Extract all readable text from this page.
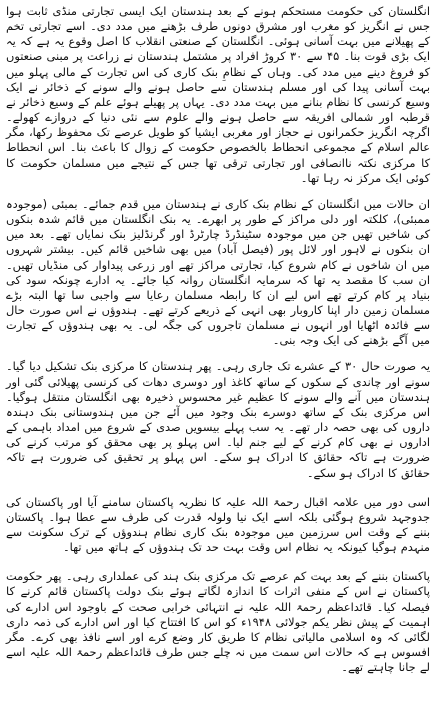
انگلستان کی حکومت مستحکم ہونے کے بعد ہندستان ایک ایسی تجارتی منڈی ثابت ہوا جس نے انگریز کو مغرب اور مشرق دونوں طرف بڑھنے میں مدد دی۔ اسے تجارتی تخم کے پھیلانے میں بہت آسانی ہوئی۔ انگلستان کے صنعتی انقلاب کا اصل وقوع یہ ہے کہ یہ ایک بڑی قوت بنا۔ ۴۵ سے ۳۰ کروڑ افراد پر مشتمل ہندستان نے زراعت پر مبنی صنعتوں کو فروغ دینے میں مدد کی۔ وہاں کے نظامِ بنک کاری کی اس تجارت کے مالی پہلو میں بہت آسانی پیدا کی اور مسلم ہندستان سے حاصل ہونے والے سونے کے ذخائر نے ایک وسیع کرنسی کا نظام بنانے میں بہت مدد دی۔ یہاں پر پھیلے ہوئے علم کے وسیع ذخائر نے قرطبہ اور شمالی افریقہ سے حاصل ہونے والے علوم سے نئی دنیا کے دروازے کھولے۔ اگرچہ انگریز حکمرانوں نے حجاز اور مغربی ایشیا کو طویل عرصے تک محفوظ رکھا، مگر عالم اسلام کے مجموعی انحطاط بالخصوص حکومت کے زوال کا باعث بنا۔ اس انحطاط کا مرکزی نکتہ ناانصافی اور تجارتی ترقی تھا جس کے نتیجے میں مسلمان حکومت کا کوئی ایک مرکز نہ رہا تھا۔

ان حالات میں انگلستان کے نظام بنک کاری نے ہندستان میں قدم جمائے۔ بمبئی (موجودہ ممبئی)، کلکتہ اور دلی مراکز کے طور پر ابھرے۔ یہ بنک انگلستان میں قائم شدہ بنکوں کی شاخیں تھیں جن میں موجودہ سٹینڈرڈ چارٹرڈ اور گرنڈلیز بنک نمایاں تھے۔ بعد میں ان بنکوں نے لاہور اور لائل پور (فیصل آباد) میں بھی شاخیں قائم کیں۔ بیشتر شہروں میں ان شاخوں نے کام شروع کیا، تجارتی مراکز تھے اور زرعی پیداوار کی منڈیاں تھیں۔ ان سب کا مقصد یہ تھا کہ سرمایہ انگلستان روانہ کیا جائے۔ یہ ادارے چونکہ سود کی بنیاد پر کام کرتے تھے اس لیے ان کا رابطہ مسلمان رعایا سے واجبی سا تھا البتہ بڑے مسلمان زمین دار اپنا کاروبار بھی انہی کے ذریعے کرتے تھے۔ ہندوؤں نے اس صورت حال سے فائدہ اٹھایا اور انہوں نے مسلمان تاجروں کی جگہ لی۔ یہ بھی ہندوؤں کے تجارت میں آگے بڑھنے کی ایک وجہ بنی۔

یہ صورت حال ۳۰ کے عشرے تک جاری رہی۔ پھر ہندستان کا مرکزی بنک تشکیل دیا گیا۔ سونے اور چاندی کے سکوں کے ساتھ کاغذ اور دوسری دھات کی کرنسی پھیلائی گئی اور ہندستان میں آنے والے سونے کا عظیم غیر محسوس ذخیرہ بھی انگلستان منتقل ہوگیا۔ اس مرکزی بنک کے ساتھ دوسرے بنک وجود میں آئے جن میں ہندوستانی بنک دہندہ داروں کی بھی حصہ دار تھے۔ یہ سب پہلے بیسویں صدی کے شروع میں امداد باہمی کے اداروں نے بھی کام کرنے کے لیے جنم لیا۔ اس پہلو پر بھی محقق کو مرتب کرنے کی ضرورت ہے تاکہ حقائق کا ادراک ہو سکے۔ اس پہلو پر تحقیق کی ضرورت ہے تاکہ حقائق کا ادراک ہو سکے۔

اسی دور میں علامہ اقبال رحمۃ اللہ علیہ کا نظریہ پاکستان سامنے آیا اور پاکستان کی جدوجہد شروع ہوگئی بلکہ اسے ایک نیا ولولہ قدرت کی طرف سے عطا ہوا۔ پاکستان بننے کے وقت اس سرزمین میں موجودہ بنک کاری نظام ہندوؤں کے ترک سکونت سے منہدم ہوگیا کیونکہ یہ نظام اس وقت بہت حد تک ہندوؤں کے ہاتھ میں تھا۔

پاکستان بننے کے بعد بہت کم عرصے تک مرکزی بنک ہند کی عملداری رہی۔ پھر حکومت پاکستان نے اس کے منفی اثرات کا اندازہ لگاتے ہوئے بنک دولت پاکستان قائم کرنے کا فیصلہ کیا۔ قائداعظم رحمۃ اللہ علیہ نے انتہائی خرابی صحت کے باوجود اس ادارے کی اہمیت کے پیش نظر یکم جولائی ۱۹۴۸ء کو اس کا افتتاح کیا اور اس ادارے کی ذمہ داری لگائی کہ وہ اسلامی مالیاتی نظام کا طریق کار وضع کرے اور اسے نافذ بھی کرے۔ مگر افسوس ہے کہ حالات اس سمت میں نہ چلے جس طرف قائداعظم رحمۃ اللہ علیہ اسے لے جانا چاہتے تھے۔
